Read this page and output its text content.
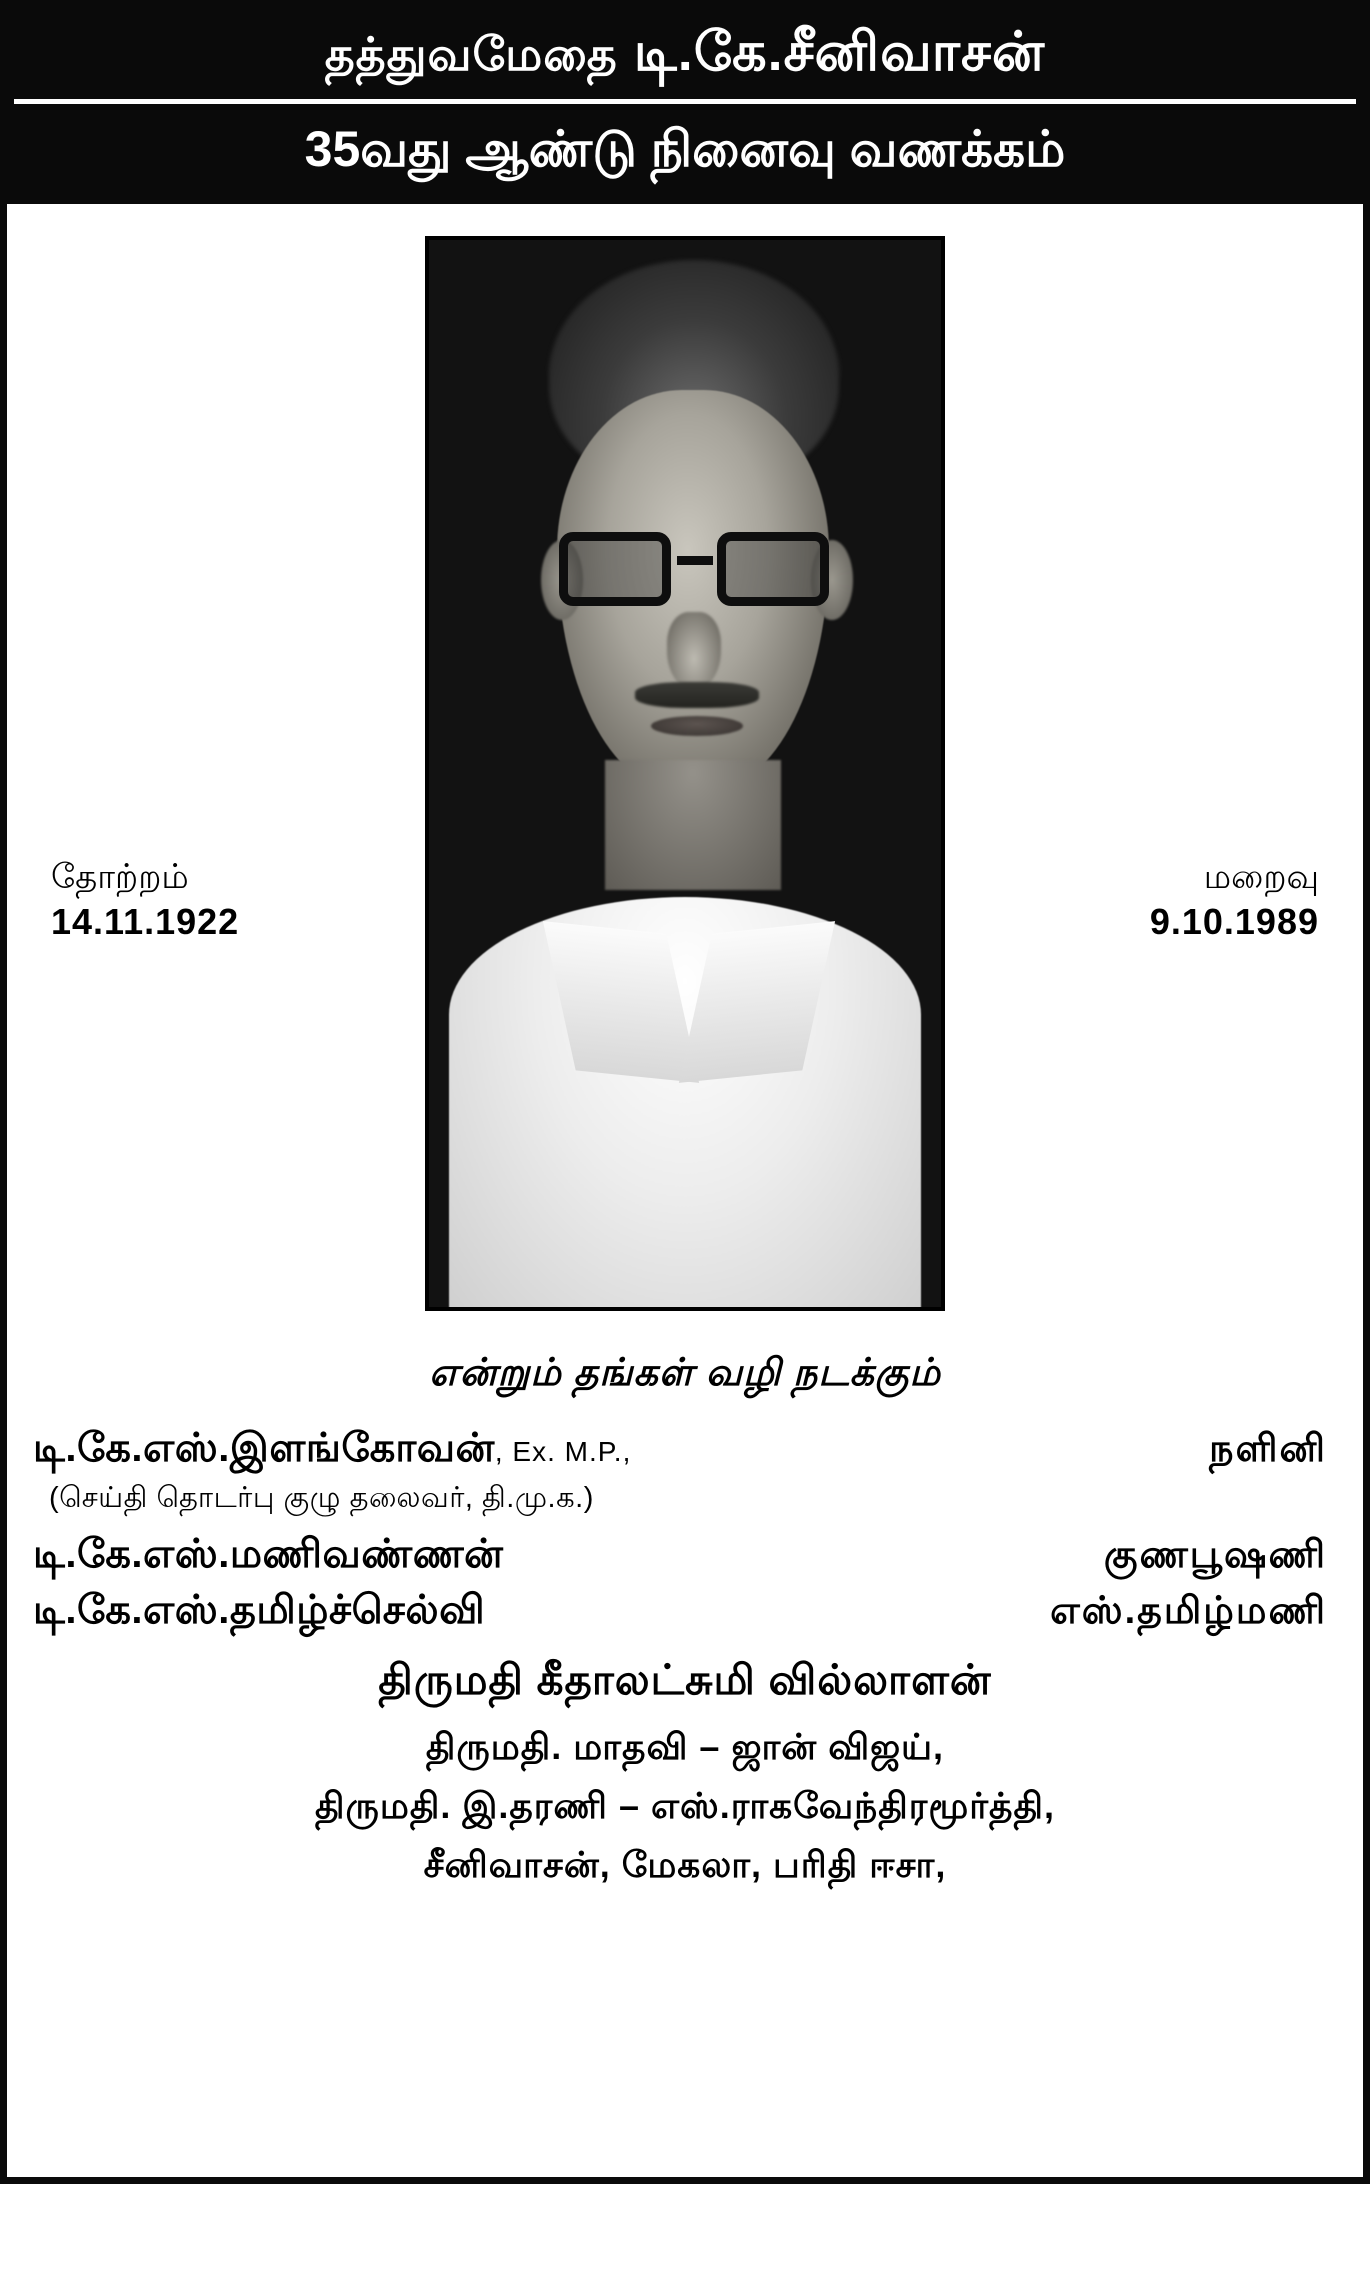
தத்துவமேதை டி.கே.சீனிவாசன்
35வது ஆண்டு நினைவு வணக்கம்
தோற்றம்
14.11.1922
மறைவு
9.10.1989
என்றும் தங்கள் வழி நடக்கும்
டி.கே.எஸ்.இளங்கோவன், Ex. M.P.,	நளினி
(செய்தி தொடர்பு குழு தலைவர், தி.மு.க.)
டி.கே.எஸ்.மணிவண்ணன்	குணபூஷணி
டி.கே.எஸ்.தமிழ்ச்செல்வி	எஸ்.தமிழ்மணி
திருமதி கீதாலட்சுமி வில்லாளன்
திருமதி. மாதவி – ஜான் விஜய்,
திருமதி. இ.தரணி – எஸ்.ராகவேந்திரமூர்த்தி,
சீனிவாசன், மேகலா, பரிதி ஈசா,
